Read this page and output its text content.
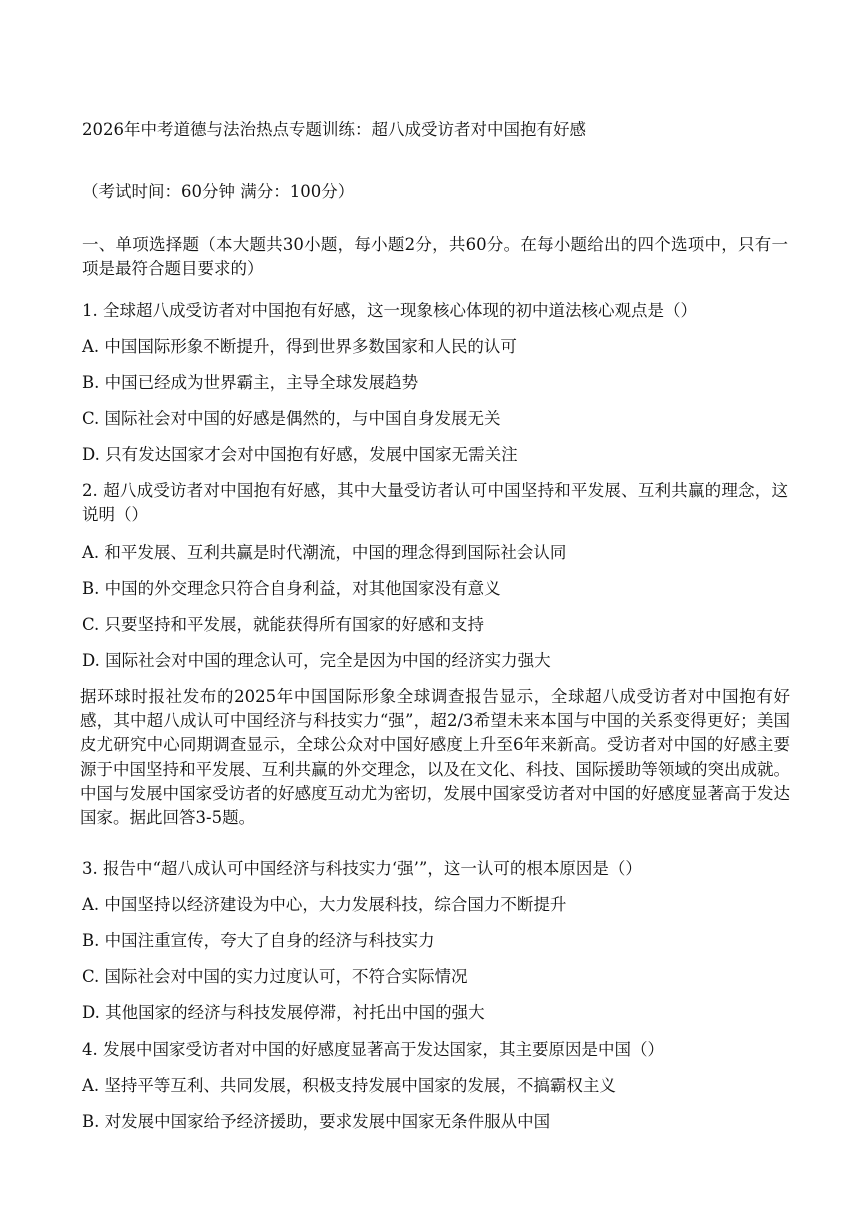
2026年中考道德与法治热点专题训练：超八成受访者对中国抱有好感
（考试时间：60分钟 满分：100分）
一、单项选择题（本大题共30小题，每小题2分，共60分。在每小题给出的四个选项中，只有一项是最符合题目要求的）
1. 全球超八成受访者对中国抱有好感，这一现象核心体现的初中道法核心观点是（）
A. 中国国际形象不断提升，得到世界多数国家和人民的认可
B. 中国已经成为世界霸主，主导全球发展趋势
C. 国际社会对中国的好感是偶然的，与中国自身发展无关
D. 只有发达国家才会对中国抱有好感，发展中国家无需关注
2. 超八成受访者对中国抱有好感，其中大量受访者认可中国坚持和平发展、互利共赢的理念，这说明（）
A. 和平发展、互利共赢是时代潮流，中国的理念得到国际社会认同
B. 中国的外交理念只符合自身利益，对其他国家没有意义
C. 只要坚持和平发展，就能获得所有国家的好感和支持
D. 国际社会对中国的理念认可，完全是因为中国的经济实力强大
据环球时报社发布的2025年中国国际形象全球调查报告显示，全球超八成受访者对中国抱有好感，其中超八成认可中国经济与科技实力“强”，超2/3希望未来本国与中国的关系变得更好；美国皮尤研究中心同期调查显示，全球公众对中国好感度上升至6年来新高。受访者对中国的好感主要源于中国坚持和平发展、互利共赢的外交理念，以及在文化、科技、国际援助等领域的突出成就。中国与发展中国家受访者的好感度互动尤为密切，发展中国家受访者对中国的好感度显著高于发达国家。据此回答3-5题。
3. 报告中“超八成认可中国经济与科技实力‘强’”，这一认可的根本原因是（）
A. 中国坚持以经济建设为中心，大力发展科技，综合国力不断提升
B. 中国注重宣传，夸大了自身的经济与科技实力
C. 国际社会对中国的实力过度认可，不符合实际情况
D. 其他国家的经济与科技发展停滞，衬托出中国的强大
4. 发展中国家受访者对中国的好感度显著高于发达国家，其主要原因是中国（）
A. 坚持平等互利、共同发展，积极支持发展中国家的发展，不搞霸权主义
B. 对发展中国家给予经济援助，要求发展中国家无条件服从中国
